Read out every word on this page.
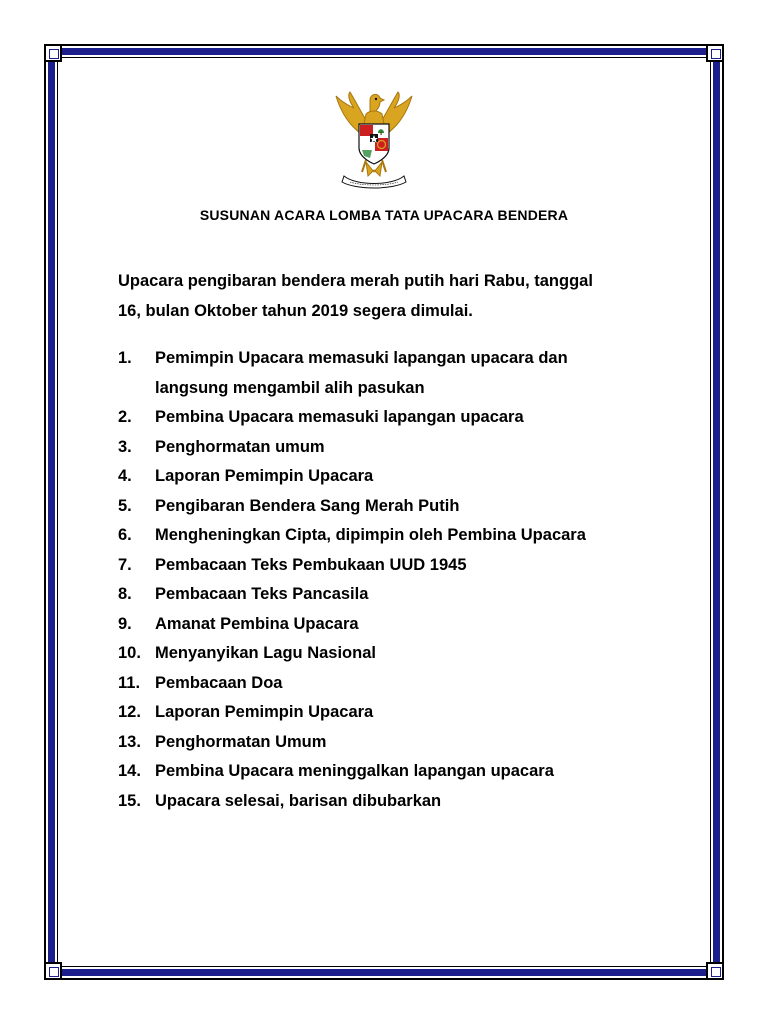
SUSUNAN ACARA LOMBA TATA UPACARA BENDERA
Upacara pengibaran bendera merah putih hari Rabu, tanggal
16, bulan Oktober tahun 2019 segera dimulai.
1.	Pemimpin Upacara memasuki lapangan upacara dan
langsung mengambil alih pasukan
2.	Pembina Upacara memasuki lapangan upacara
3.	Penghormatan umum
4.	Laporan Pemimpin Upacara
5.	Pengibaran Bendera Sang Merah Putih
6.	Mengheningkan Cipta, dipimpin oleh Pembina Upacara
7.	Pembacaan Teks Pembukaan UUD 1945
8.	Pembacaan Teks Pancasila
9.	Amanat Pembina Upacara
10. Menyanyikan Lagu Nasional
11. Pembacaan Doa
12. Laporan Pemimpin Upacara
13. Penghormatan Umum
14. Pembina Upacara meninggalkan lapangan upacara
15. Upacara selesai, barisan dibubarkan
